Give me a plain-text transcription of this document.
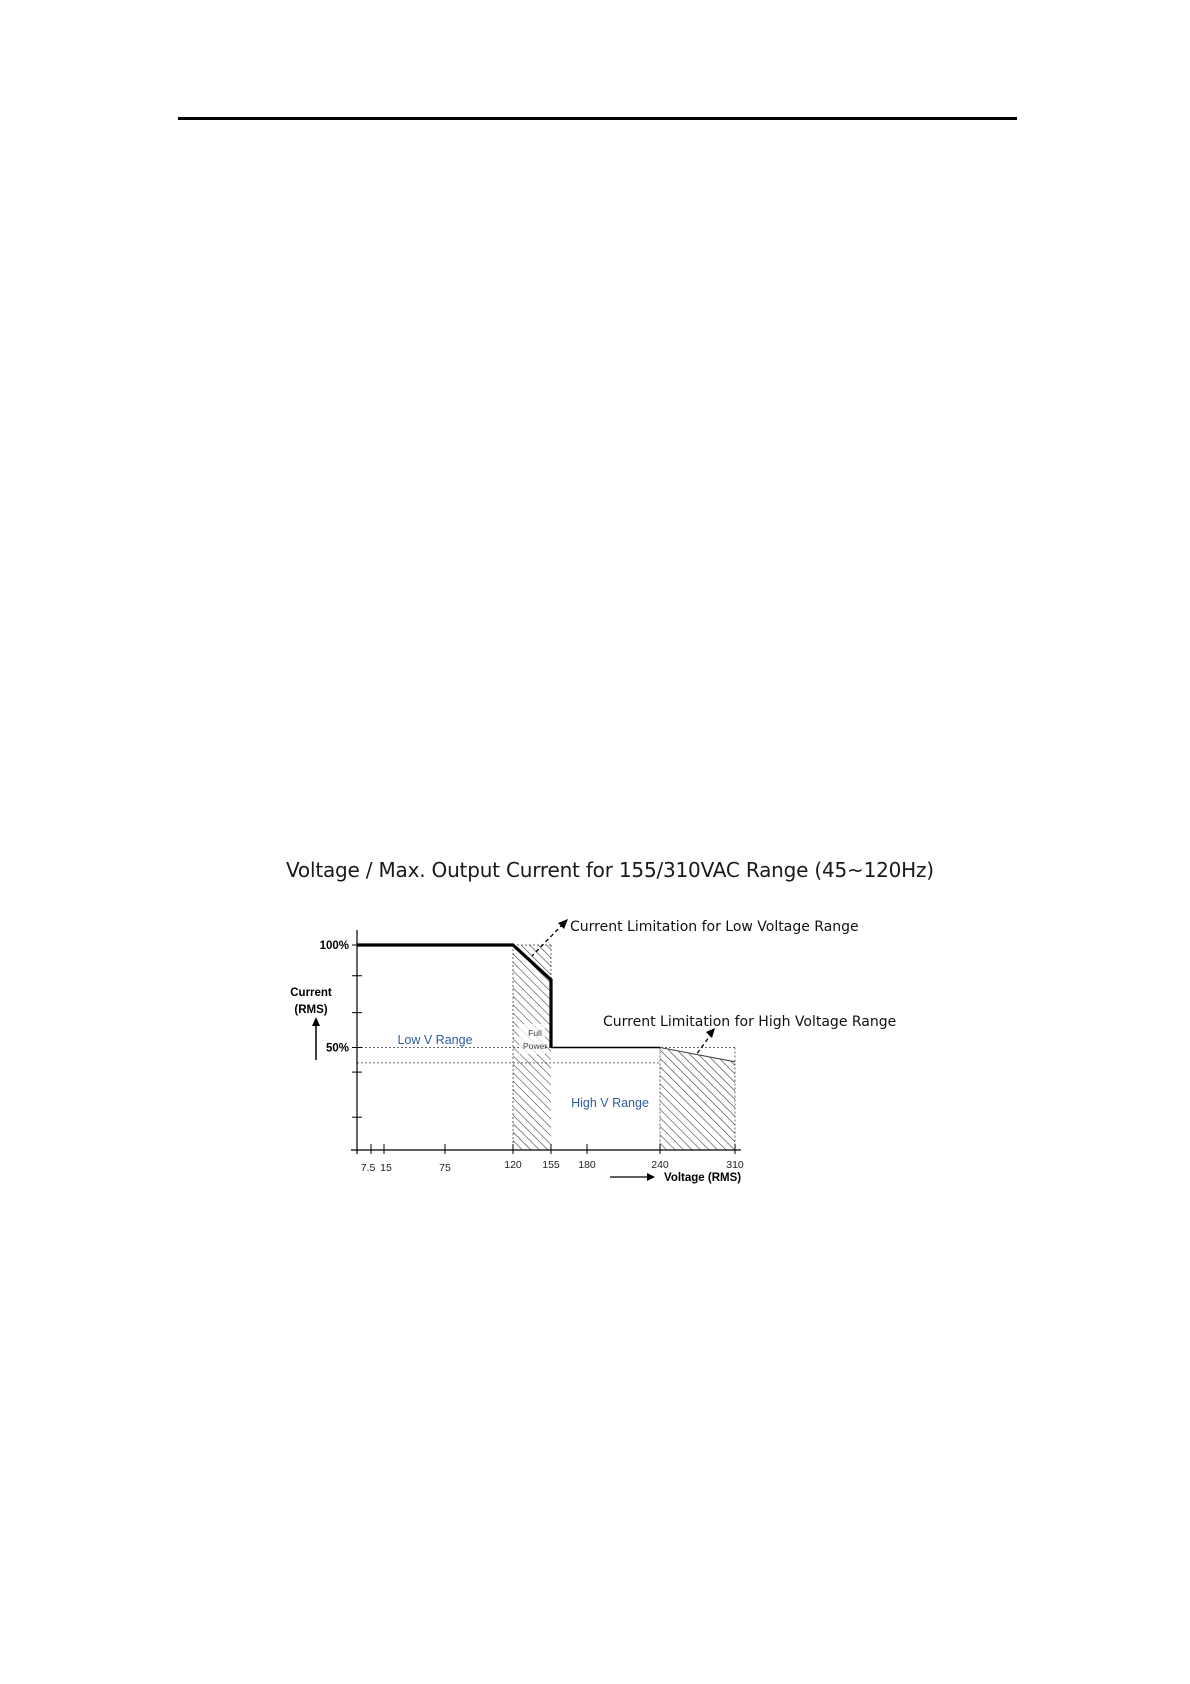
Voltage / Max. Output Current for 155/310VAC Range (45~120Hz)
7.5 15	75	120 155 180	240	310
100%
50%
Current
(RMS)
Voltage (RMS)
Low V Range
High V Range
Full
Power
Current Limitation for Low Voltage Range
Current Limitation for High Voltage Range
